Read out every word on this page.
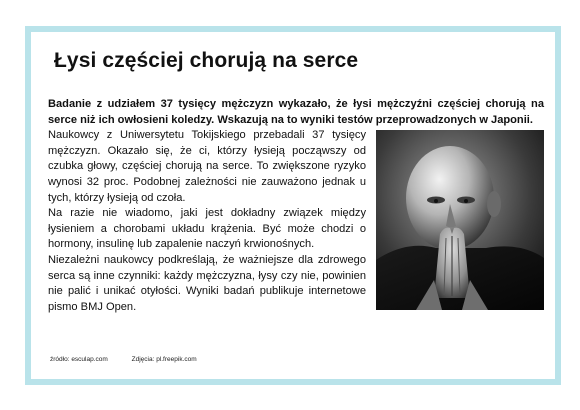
Łysi częściej chorują na serce

Badanie z udziałem 37 tysięcy mężczyzn wykazało, że łysi mężczyźni częściej chorują na serce niż ich owłosieni koledzy. Wskazują na to wyniki testów przeprowadzonych w Japonii.

Naukowcy z Uniwersytetu Tokijskiego przebadali 37 tysięcy mężczyzn. Okazało się, że ci, którzy łysieją począwszy od czubka głowy, częściej chorują na serce. To zwiększone ryzyko wynosi 32 proc. Podobnej zależności nie zauważono jednak u tych, którzy łysieją od czoła.

Na razie nie wiadomo, jaki jest dokładny związek między łysieniem a chorobami układu krążenia. Być może chodzi o hormony, insulinę lub zapalenie naczyń krwionośnych.

Niezależni naukowcy podkreślają, że ważniejsze dla zdrowego serca są inne czynniki: każdy mężczyzna, łysy czy nie, powinien nie palić i unikać otyłości. Wyniki badań publikuje internetowe pismo BMJ Open.

źródło: esculap.com	Zdjęcia: pl.freepik.com
